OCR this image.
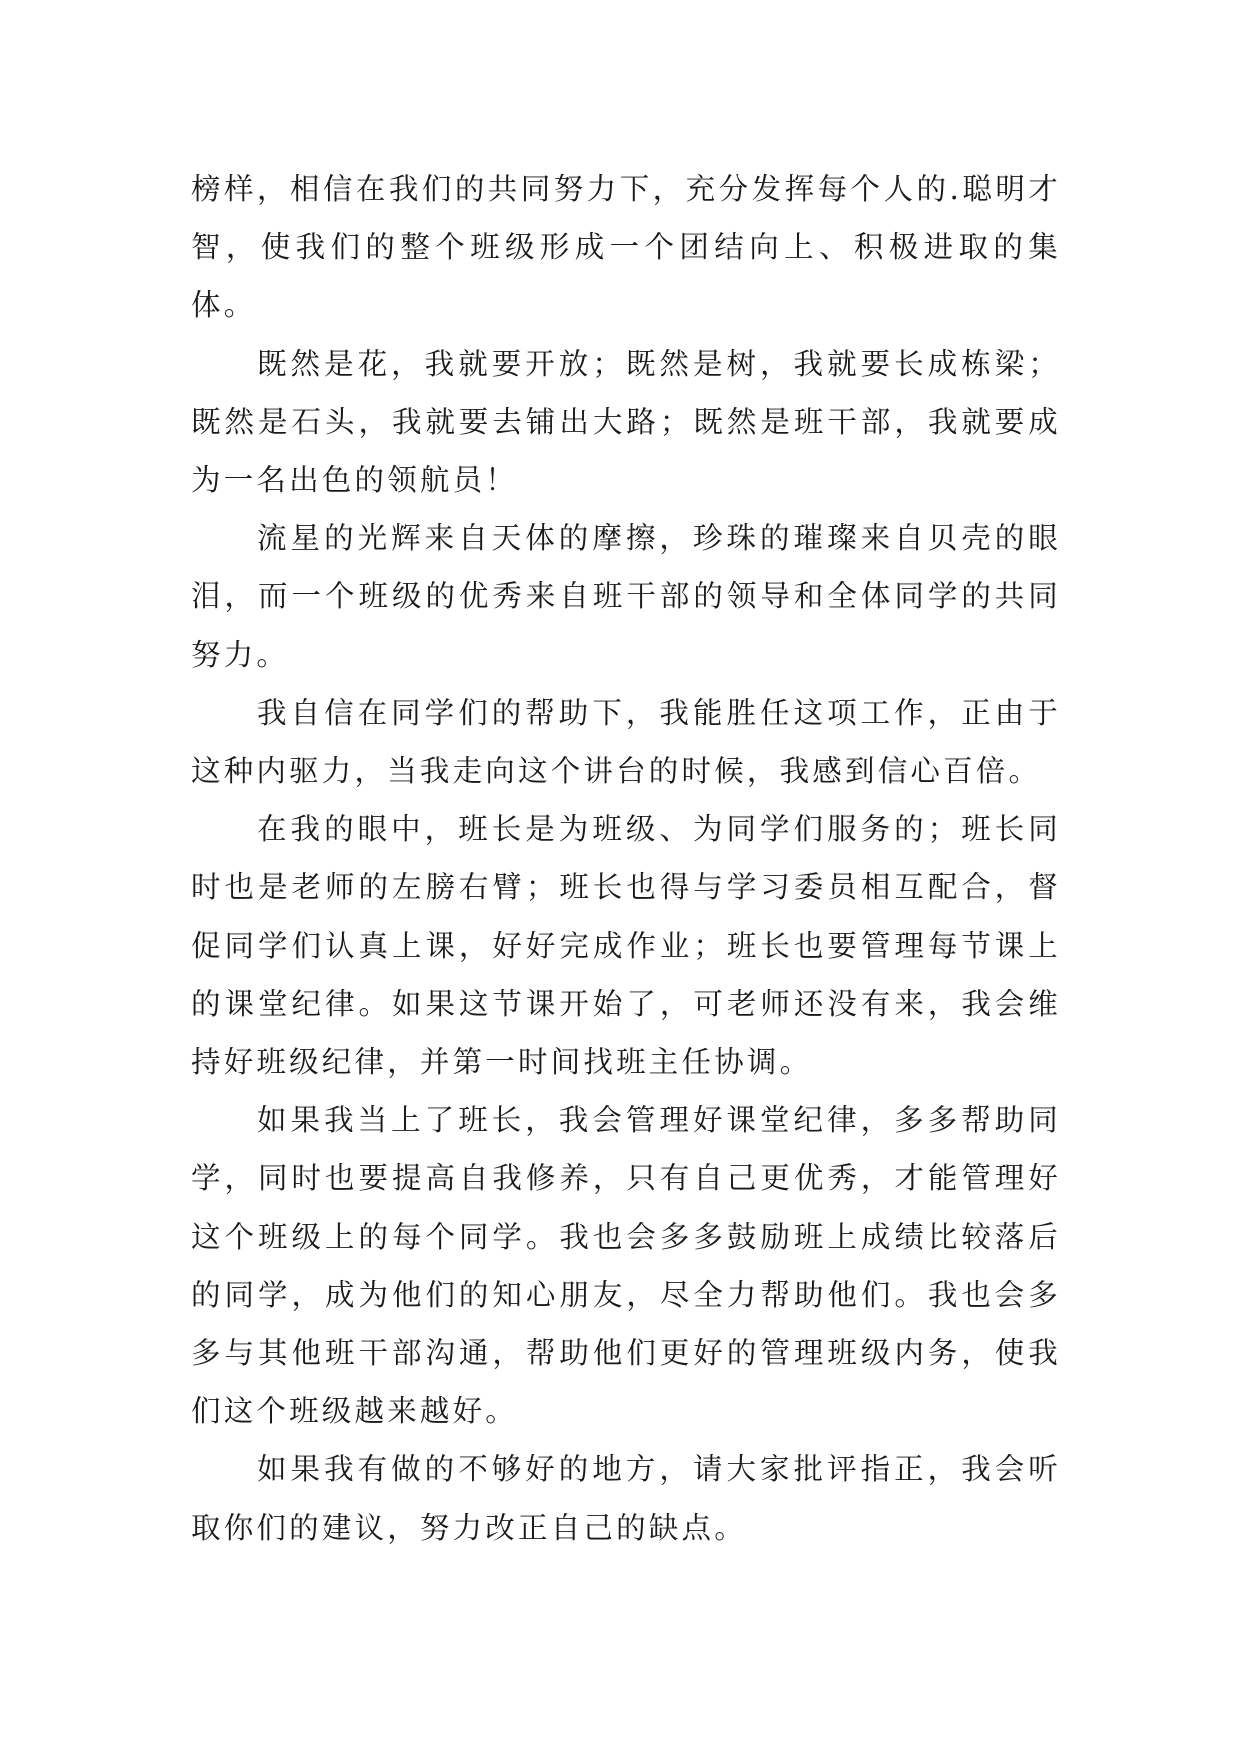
榜样，相信在我们的共同努力下，充分发挥每个人的.聪明才智，使我们的整个班级形成一个团结向上、积极进取的集体。

既然是花，我就要开放；既然是树，我就要长成栋梁；既然是石头，我就要去铺出大路；既然是班干部，我就要成为一名出色的领航员！

流星的光辉来自天体的摩擦，珍珠的璀璨来自贝壳的眼泪，而一个班级的优秀来自班干部的领导和全体同学的共同努力。

我自信在同学们的帮助下，我能胜任这项工作，正由于这种内驱力，当我走向这个讲台的时候，我感到信心百倍。

在我的眼中，班长是为班级、为同学们服务的；班长同时也是老师的左膀右臂；班长也得与学习委员相互配合，督促同学们认真上课，好好完成作业；班长也要管理每节课上的课堂纪律。如果这节课开始了，可老师还没有来，我会维持好班级纪律，并第一时间找班主任协调。

如果我当上了班长，我会管理好课堂纪律，多多帮助同学，同时也要提高自我修养，只有自己更优秀，才能管理好这个班级上的每个同学。我也会多多鼓励班上成绩比较落后的同学，成为他们的知心朋友，尽全力帮助他们。我也会多多与其他班干部沟通，帮助他们更好的管理班级内务，使我们这个班级越来越好。

如果我有做的不够好的地方，请大家批评指正，我会听取你们的建议，努力改正自己的缺点。
